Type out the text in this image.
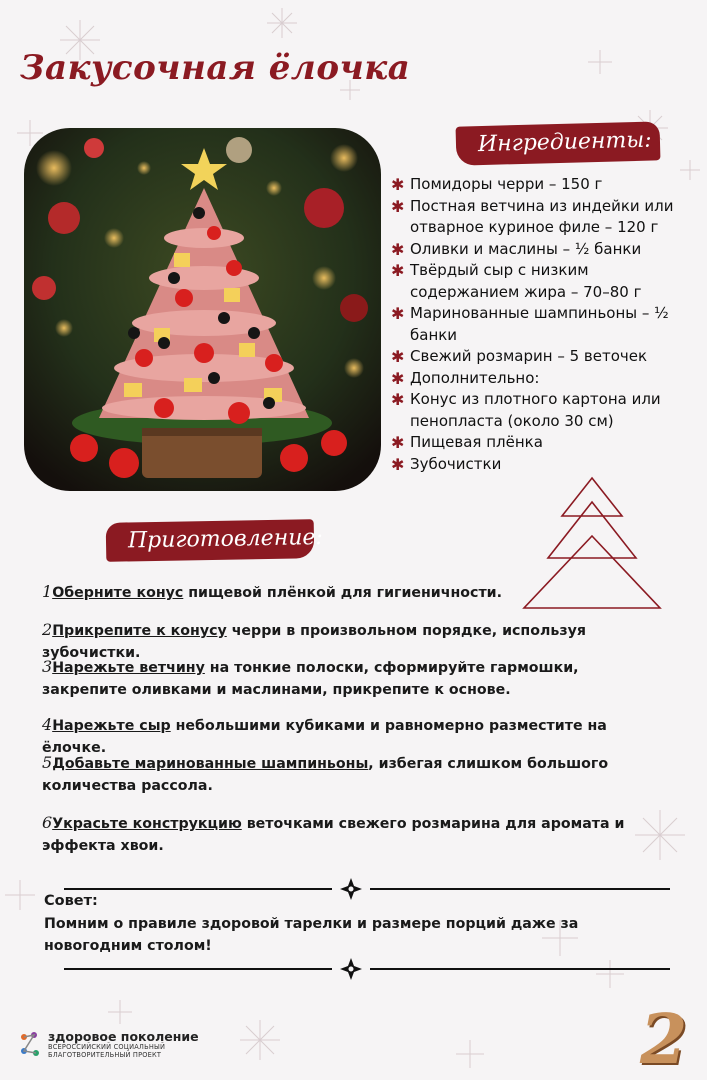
Закусочная ёлочка
Ингредиенты:
✱ Помидоры черри – 150 г
✱ Постная ветчина из индейки или отварное куриное филе – 120 г
✱ Оливки и маслины – ½ банки
✱ Твёрдый сыр с низким содержанием жира – 70–80 г
✱ Маринованные шампиньоны – ½ банки
✱ Свежий розмарин – 5 веточек
✱ Дополнительно:
✱ Конус из плотного картона или пенопласта (около 30 см)
✱ Пищевая плёнка
✱ Зубочистки
Приготовление:
1Оберните конус пищевой плёнкой для гигиеничности.
2Прикрепите к конусу черри в произвольном порядке, используя зубочистки.
3Нарежьте ветчину на тонкие полоски, сформируйте гармошки, закрепите оливками и маслинами, прикрепите к основе.
4Нарежьте сыр небольшими кубиками и равномерно разместите на ёлочке.
5Добавьте маринованные шампиньоны, избегая слишком большого количества рассола.
6Украсьте конструкцию веточками свежего розмарина для аромата и эффекта хвои.
Совет:
Помним о правиле здоровой тарелки и размере порций даже за новогодним столом!
здоровое поколение
ВСЕРОССИЙСКИЙ СОЦИАЛЬНЫЙ
БЛАГОТВОРИТЕЛЬНЫЙ ПРОЕКТ	2
